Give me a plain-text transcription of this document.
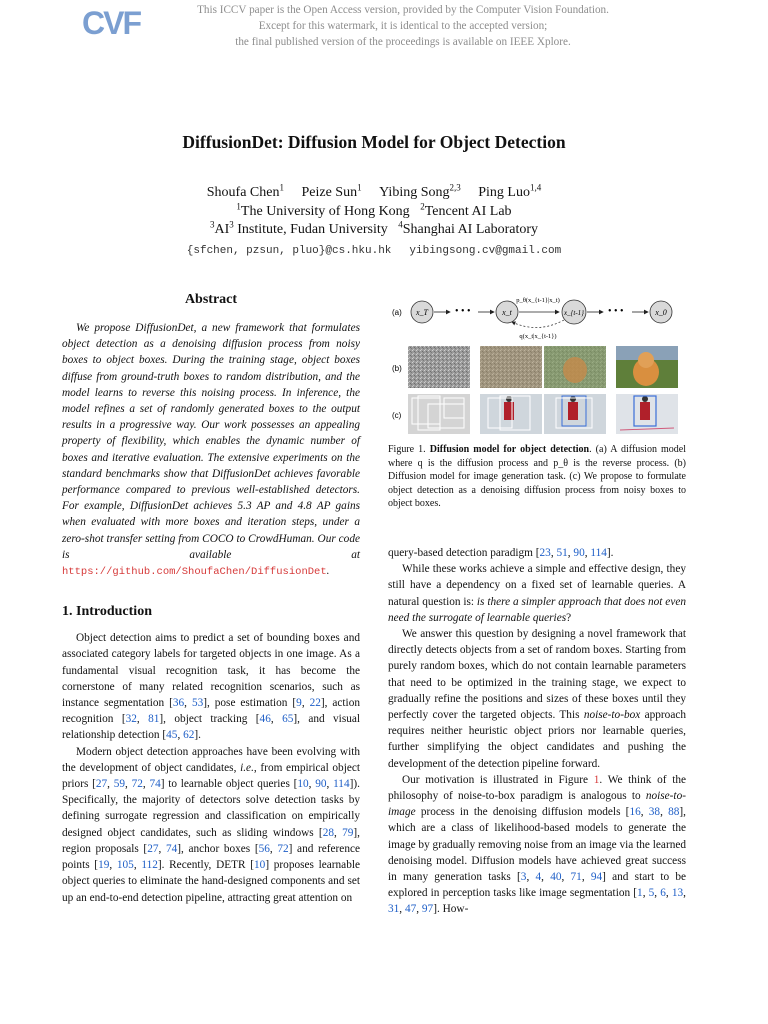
CVF	This ICCV paper is the Open Access version, provided by the Computer Vision Foundation.
Except for this watermark, it is identical to the accepted version;
the final published version of the proceedings is available on IEEE Xplore.
DiffusionDet: Diffusion Model for Object Detection
Shoufa Chen$^1$ Peize Sun$^1$ Yibing Song$^{2,3}$ Ping Luo$^{1,4}$
$^1$The University of Hong Kong $^2$Tencent AI Lab
$^3AI^3$ Institute, Fudan University $^4$Shanghai AI Laboratory
{sfchen, pzsun, pluo}@cs.hku.hk yibingsong.cv@gmail.com
Abstract

We propose DiffusionDet, a new framework that formulates object detection as a denoising diffusion process from noisy boxes to object boxes. During the training stage, object boxes diffuse from ground-truth boxes to random distribution, and the model learns to reverse this noising process. In inference, the model refines a set of randomly generated boxes to the output results in a progressive way. Our work possesses an appealing property of flexibility, which enables the dynamic number of boxes and iterative evaluation. The extensive experiments on the standard benchmarks show that DiffusionDet achieves favorable performance compared to previous well-established detectors. For example, DiffusionDet achieves 5.3 AP and 4.8 AP gains when evaluated with more boxes and iteration steps, under a zero-shot transfer setting from COCO to CrowdHuman. Our code is available at https://github.com/ShoufaChen/DiffusionDet.

1. Introduction

Object detection aims to predict a set of bounding boxes and associated category labels for targeted objects in one image. As a fundamental visual recognition task, it has become the cornerstone of many related recognition scenarios, such as instance segmentation [36, 53], pose estimation [9, 22], action recognition [32, 81], object tracking [46, 65], and visual relationship detection [45, 62].

Modern object detection approaches have been evolving with the development of object candidates, i.e., from empirical object priors [27, 59, 72, 74] to learnable object queries [10, 90, 114]). Specifically, the majority of detectors solve detection tasks by defining surrogate regression and classification on empirically designed object candidates, such as sliding windows [28, 79], region proposals [27, 74], anchor boxes [56, 72] and reference points [19, 105, 112]. Recently, DETR [10] proposes learnable object queries to eliminate the hand-designed components and set up an end-to-end detection pipeline, attracting great attention on

(a) x_T	• • •	x_t
p_θ(x_{t-1}|x_t)
q(x_t|x_{t-1})
x_{t-1} • • •	x_0
(b)
(c)
Figure 1. Diffusion model for object detection. (a) A diffusion model where q is the diffusion process and p_θ is the reverse process. (b) Diffusion model for image generation task. (c) We propose to formulate object detection as a denoising diffusion process from noisy boxes to object boxes.

query-based detection paradigm [23, 51, 90, 114].

While these works achieve a simple and effective design, they still have a dependency on a fixed set of learnable queries. A natural question is: is there a simpler approach that does not even need the surrogate of learnable queries?

We answer this question by designing a novel framework that directly detects objects from a set of random boxes. Starting from purely random boxes, which do not contain learnable parameters that need to be optimized in the training stage, we expect to gradually refine the positions and sizes of these boxes until they perfectly cover the targeted objects. This noise-to-box approach requires neither heuristic object priors nor learnable queries, further simplifying the object candidates and pushing the development of the detection pipeline forward.

Our motivation is illustrated in Figure 1. We think of the philosophy of noise-to-box paradigm is analogous to noise-to-image process in the denoising diffusion models [16, 38, 88], which are a class of likelihood-based models to generate the image by gradually removing noise from an image via the learned denoising model. Diffusion models have achieved great success in many generation tasks [3, 4, 40, 71, 94] and start to be explored in perception tasks like image segmentation [1, 5, 6, 13, 31, 47, 97]. How-
